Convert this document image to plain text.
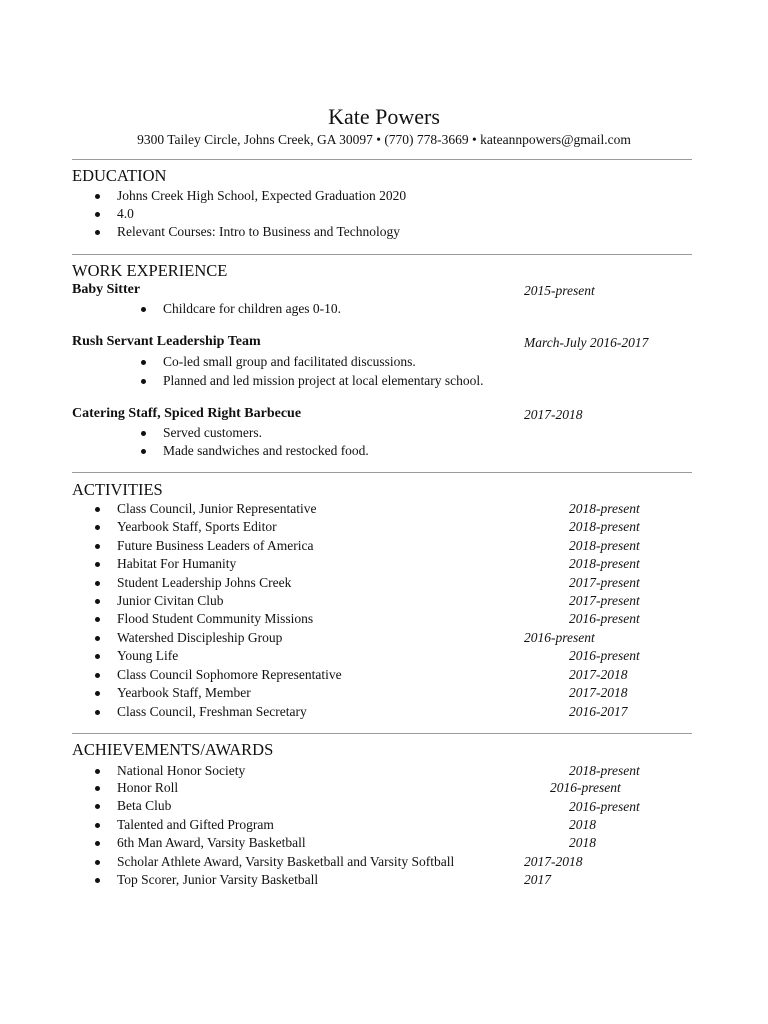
Kate Powers
9300 Tailey Circle, Johns Creek, GA 30097 • (770) 778-3669 • kateannpowers@gmail.com
EDUCATION
Johns Creek High School, Expected Graduation 2020
4.0
Relevant Courses: Intro to Business and Technology
WORK EXPERIENCE
Baby Sitter	2015-present
Childcare for children ages 0-10.
Rush Servant Leadership Team	March-July 2016-2017
Co-led small group and facilitated discussions.
Planned and led mission project at local elementary school.
Catering Staff, Spiced Right Barbecue	2017-2018
Served customers.
Made sandwiches and restocked food.
ACTIVITIES
Class Council, Junior Representative	2018-present
Yearbook Staff, Sports Editor	2018-present
Future Business Leaders of America	2018-present
Habitat For Humanity	2018-present
Student Leadership Johns Creek	2017-present
Junior Civitan Club	2017-present
Flood Student Community Missions	2016-present
Watershed Discipleship Group	2016-present
Young Life	2016-present
Class Council Sophomore Representative	2017-2018
Yearbook Staff, Member	2017-2018
Class Council, Freshman Secretary	2016-2017
ACHIEVEMENTS/AWARDS
National Honor Society	2018-present
Honor Roll	2016-present
Beta Club	2016-present
Talented and Gifted Program	2018
6th Man Award, Varsity Basketball	2018
Scholar Athlete Award, Varsity Basketball and Varsity Softball	2017-2018
Top Scorer, Junior Varsity Basketball	2017
